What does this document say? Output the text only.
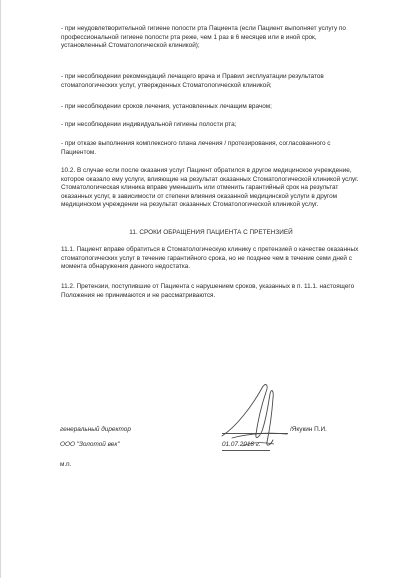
- при неудовлетворительной гигиене полости рта Пациента (если Пациент выполняет услугу по профессиональной гигиене полости рта реже, чем 1 раз в 6 месяцев или в иной срок, установленный Стоматологической клиникой);

- при несоблюдении рекомендаций лечащего врача и Правил эксплуатации результатов стоматологических услуг, утвержденных Стоматологической клиникой;

- при несоблюдении сроков лечения, установленных лечащим врачом;

- при несоблюдении индивидуальной гигиены полости рта;

- при отказе выполнения комплексного плана лечения / протезирования, согласованного с Пациентом.

10.2. В случае если после оказания услуг Пациент обратился в другое медицинское учреждение, которое оказало ему услуги, влияющие на результат оказанных Стоматологической клиникой услуг. Стоматологическая клиника вправе уменьшить или отменить гарантийный срок на результат оказанных услуг, в зависимости от степени влияния оказанной медицинской услуги в другом медицинском учреждении на результат оказанных Стоматологической клиникой услуг.

11. СРОКИ ОБРАЩЕНИЯ ПАЦИЕНТА С ПРЕТЕНЗИЕЙ

11.1. Пациент вправе обратиться в Стоматологическую клинику с претензией о качестве оказанных стоматологических услуг в течение гарантийного срока, но не позднее чем в течение семи дней с момента обнаружения данного недостатка.

11.2. Претензии, поступившие от Пациента с нарушением сроков, указанных в п. 11.1. настоящего Положения не принимаются и не рассматриваются.

генеральный директор
ООО "Золотой век"
м.п.
/Якукин П.И.
01.07.2018 г.
